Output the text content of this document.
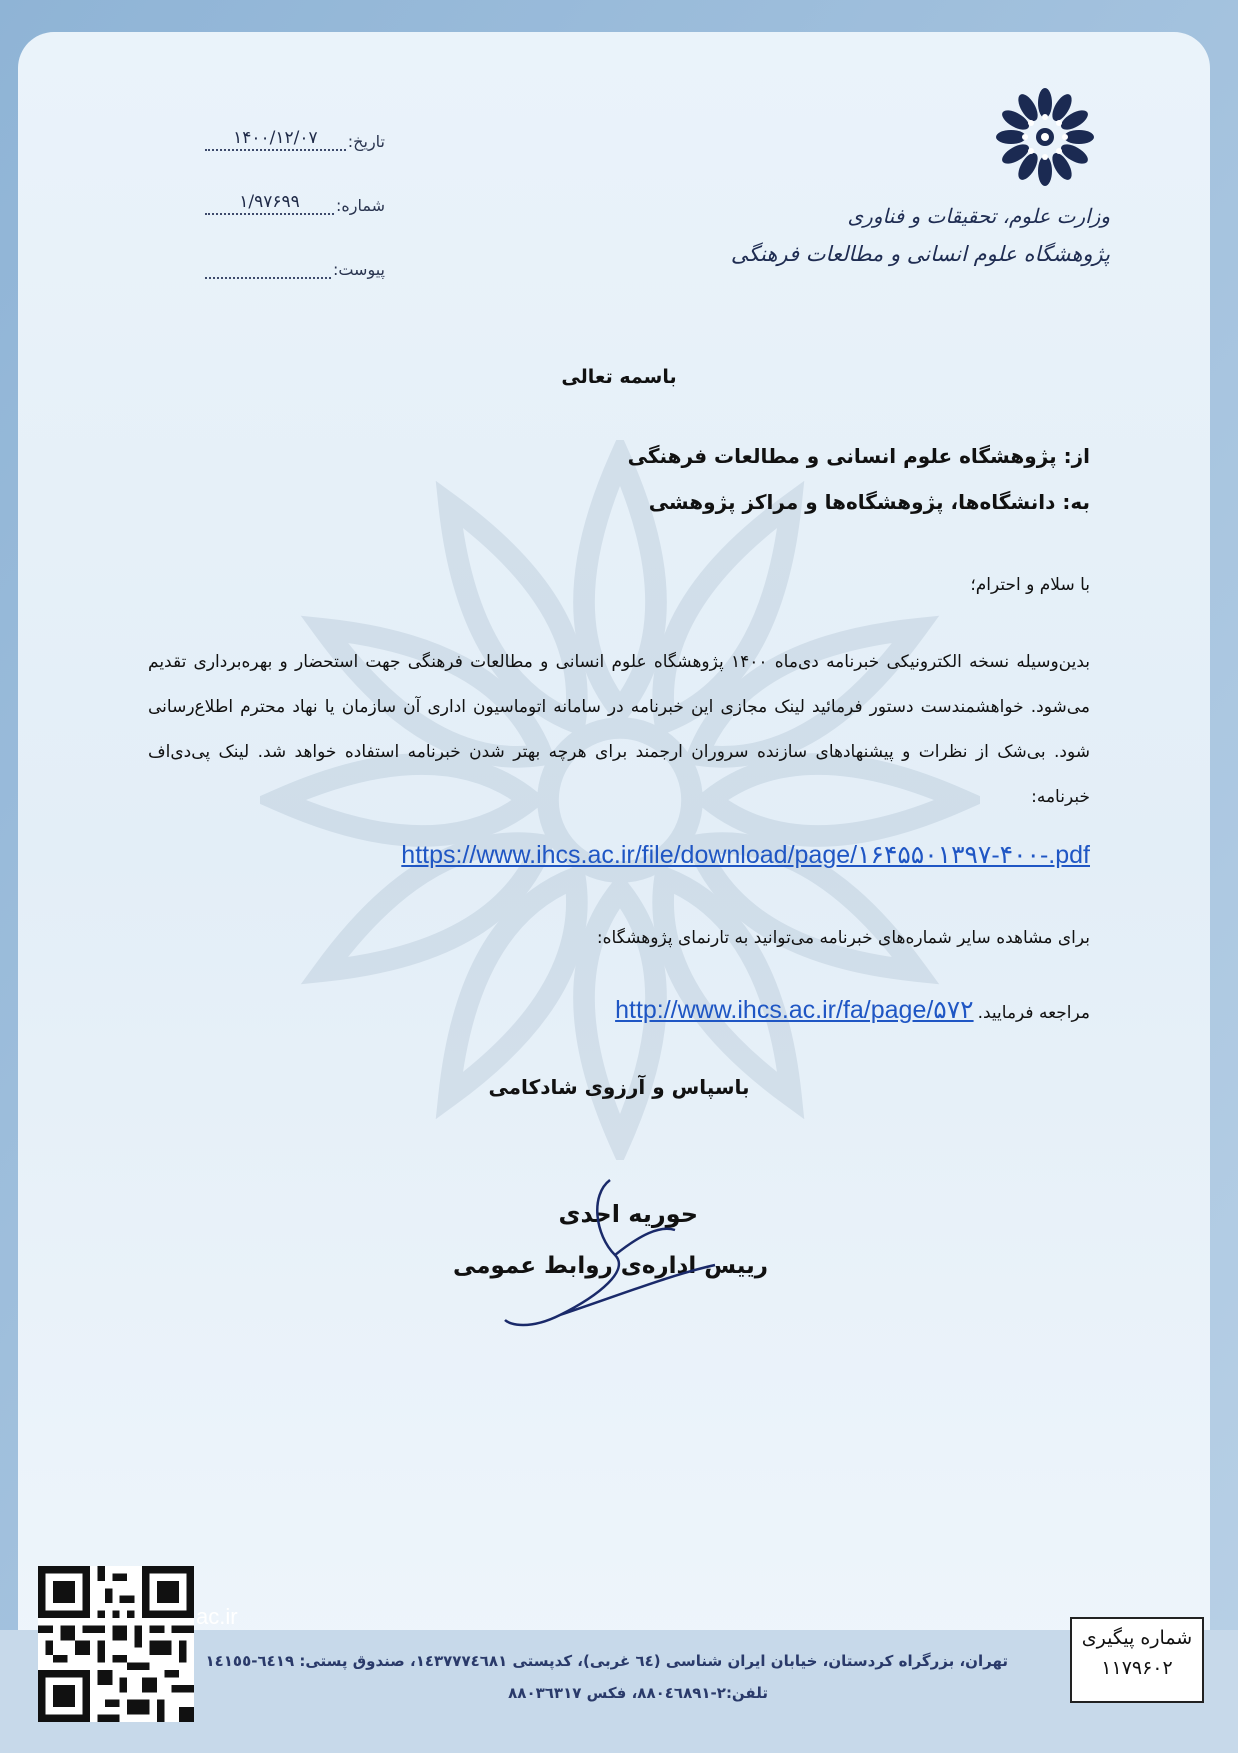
تاریخ:
۱۴۰۰/۱۲/۰۷
شماره:
۱/۹۷۶۹۹
پیوست:
وزارت علوم، تحقیقات و فناوری
پژوهشگاه علوم انسانی و مطالعات فرهنگی
باسمه تعالی
از: پژوهشگاه علوم انسانی و مطالعات فرهنگی
به: دانشگاه‌ها، پژوهشگاه‌ها و مراکز پژوهشی
با سلام و احترام؛
بدین‌وسیله نسخه الکترونیکی خبرنامه دی‌ماه ۱۴۰۰ پژوهشگاه علوم انسانی و مطالعات فرهنگی جهت استحضار و بهره‌برداری تقدیم می‌شود. خواهشمندست دستور فرمائید لینک مجازی این خبرنامه در سامانه اتوماسیون اداری آن سازمان یا نهاد محترم اطلاع‌رسانی شود. بی‌شک از نظرات و پیشنهادهای سازنده سروران ارجمند برای هرچه بهتر شدن خبرنامه استفاده خواهد شد. لینک پی‌دی‌اف خبرنامه:
https://www.ihcs.ac.ir/file/download/page/۱۶۴۵۵۰۱۳۹۷-۴۰۰-.pdf
برای مشاهده سایر شماره‌های خبرنامه می‌توانید به تارنمای پژوهشگاه:
مراجعه فرمایید.
http://www.ihcs.ac.ir/fa/page/۵۷۲
باسپاس و آرزوی شادکامی
حوریه احدی
رییس اداره‌ی روابط عمومی
ac.ir
تهران، بزرگراه کردستان، خیابان ایران شناسی (٦٤ غربی)، کدپستی ١٤٣٧٧٧٤٦٨١، صندوق پستی: ٦٤١٩-١٤١٥٥
تلفن:٢-٨٨٠٤٦٨٩١، فکس ٨٨٠٣٦٣١٧
شماره پیگیری
۱۱۷۹۶۰۲
